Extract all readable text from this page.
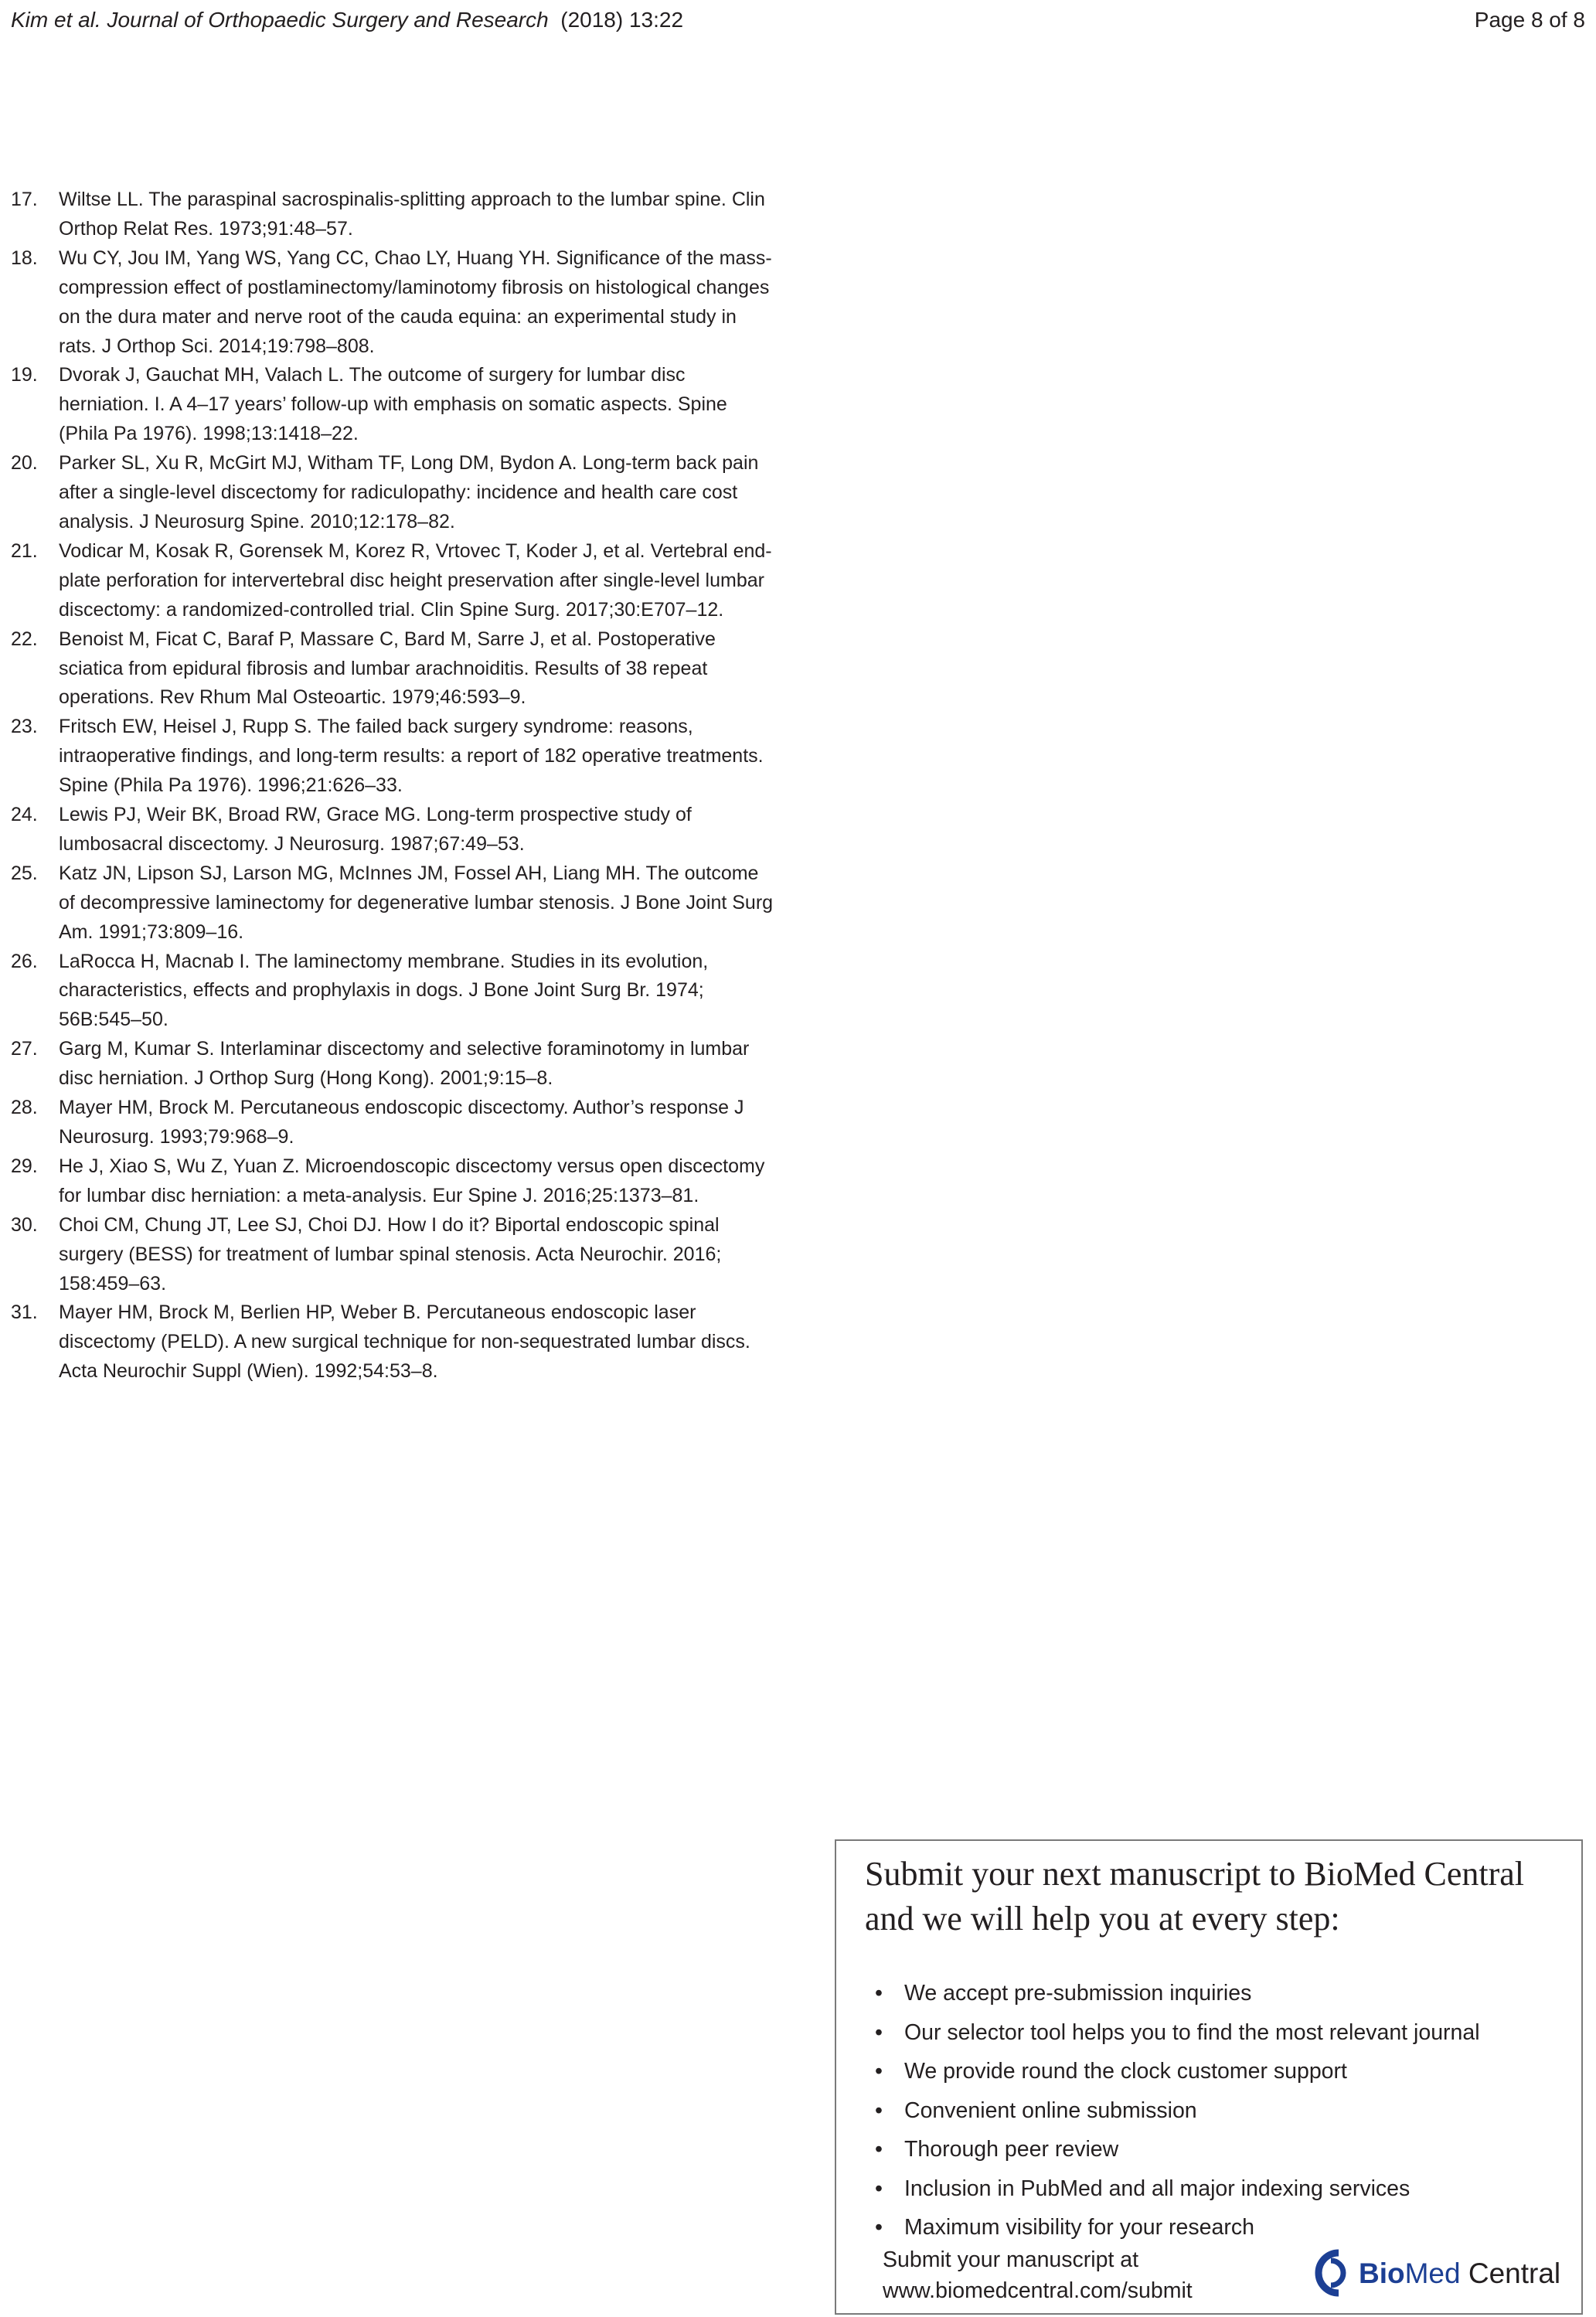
Kim et al. Journal of Orthopaedic Surgery and Research (2018) 13:22	Page 8 of 8
17. Wiltse LL. The paraspinal sacrospinalis-splitting approach to the lumbar spine. Clin Orthop Relat Res. 1973;91:48–57.
18. Wu CY, Jou IM, Yang WS, Yang CC, Chao LY, Huang YH. Significance of the mass-compression effect of postlaminectomy/laminotomy fibrosis on histological changes on the dura mater and nerve root of the cauda equina: an experimental study in rats. J Orthop Sci. 2014;19:798–808.
19. Dvorak J, Gauchat MH, Valach L. The outcome of surgery for lumbar disc herniation. I. A 4–17 years’ follow-up with emphasis on somatic aspects. Spine (Phila Pa 1976). 1998;13:1418–22.
20. Parker SL, Xu R, McGirt MJ, Witham TF, Long DM, Bydon A. Long-term back pain after a single-level discectomy for radiculopathy: incidence and health care cost analysis. J Neurosurg Spine. 2010;12:178–82.
21. Vodicar M, Kosak R, Gorensek M, Korez R, Vrtovec T, Koder J, et al. Vertebral end-plate perforation for intervertebral disc height preservation after single-level lumbar discectomy: a randomized-controlled trial. Clin Spine Surg. 2017;30:E707–12.
22. Benoist M, Ficat C, Baraf P, Massare C, Bard M, Sarre J, et al. Postoperative sciatica from epidural fibrosis and lumbar arachnoiditis. Results of 38 repeat operations. Rev Rhum Mal Osteoartic. 1979;46:593–9.
23. Fritsch EW, Heisel J, Rupp S. The failed back surgery syndrome: reasons, intraoperative findings, and long-term results: a report of 182 operative treatments. Spine (Phila Pa 1976). 1996;21:626–33.
24. Lewis PJ, Weir BK, Broad RW, Grace MG. Long-term prospective study of lumbosacral discectomy. J Neurosurg. 1987;67:49–53.
25. Katz JN, Lipson SJ, Larson MG, McInnes JM, Fossel AH, Liang MH. The outcome of decompressive laminectomy for degenerative lumbar stenosis. J Bone Joint Surg Am. 1991;73:809–16.
26. LaRocca H, Macnab I. The laminectomy membrane. Studies in its evolution, characteristics, effects and prophylaxis in dogs. J Bone Joint Surg Br. 1974; 56B:545–50.
27. Garg M, Kumar S. Interlaminar discectomy and selective foraminotomy in lumbar disc herniation. J Orthop Surg (Hong Kong). 2001;9:15–8.
28. Mayer HM, Brock M. Percutaneous endoscopic discectomy. Author’s response J Neurosurg. 1993;79:968–9.
29. He J, Xiao S, Wu Z, Yuan Z. Microendoscopic discectomy versus open discectomy for lumbar disc herniation: a meta-analysis. Eur Spine J. 2016;25:1373–81.
30. Choi CM, Chung JT, Lee SJ, Choi DJ. How I do it? Biportal endoscopic spinal surgery (BESS) for treatment of lumbar spinal stenosis. Acta Neurochir. 2016; 158:459–63.
31. Mayer HM, Brock M, Berlien HP, Weber B. Percutaneous endoscopic laser discectomy (PELD). A new surgical technique for non-sequestrated lumbar discs. Acta Neurochir Suppl (Wien). 1992;54:53–8.
Submit your next manuscript to BioMed Central
and we will help you at every step:
• We accept pre-submission inquiries
• Our selector tool helps you to find the most relevant journal
• We provide round the clock customer support
• Convenient online submission
• Thorough peer review
• Inclusion in PubMed and all major indexing services
• Maximum visibility for your research
Submit your manuscript at
www.biomedcentral.com/submit
BioMed Central
